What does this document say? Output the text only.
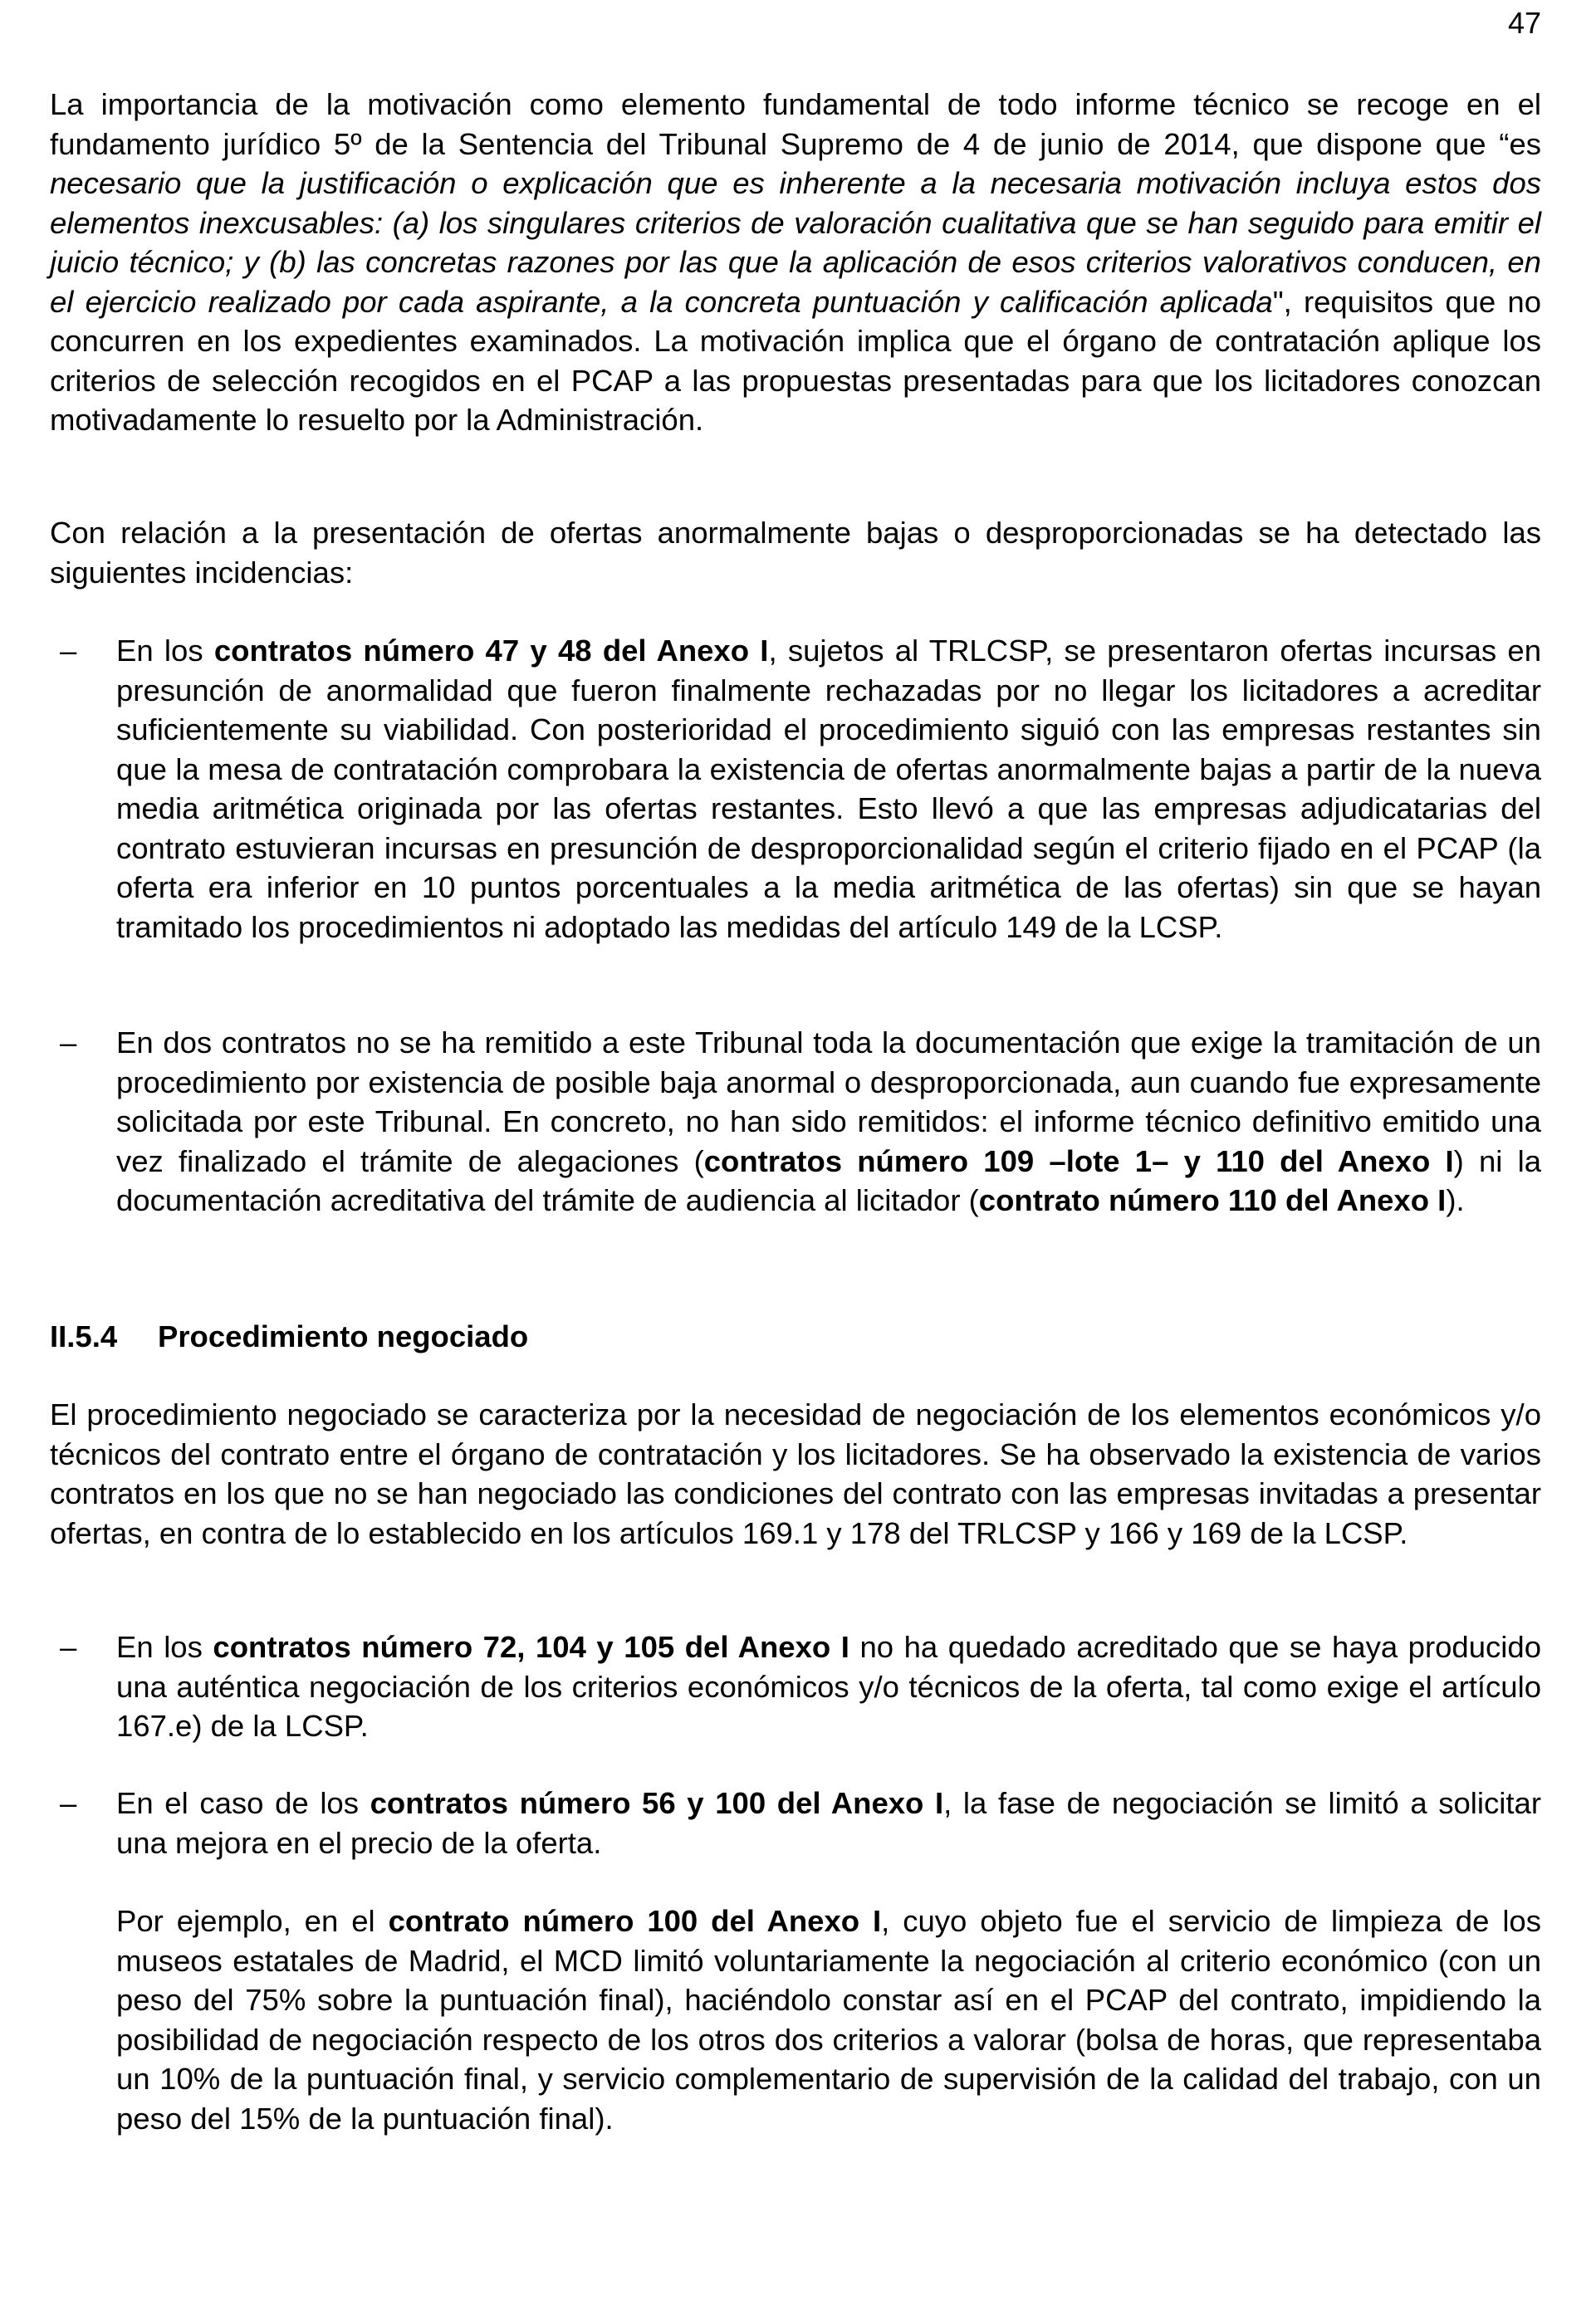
47

La importancia de la motivación como elemento fundamental de todo informe técnico se recoge en el fundamento jurídico 5º de la Sentencia del Tribunal Supremo de 4 de junio de 2014, que dispone que “es necesario que la justificación o explicación que es inherente a la necesaria motivación incluya estos dos elementos inexcusables: (a) los singulares criterios de valoración cualitativa que se han seguido para emitir el juicio técnico; y (b) las concretas razones por las que la aplicación de esos criterios valorativos conducen, en el ejercicio realizado por cada aspirante, a la concreta puntuación y calificación aplicada", requisitos que no concurren en los expedientes examinados. La motivación implica que el órgano de contratación aplique los criterios de selección recogidos en el PCAP a las propuestas presentadas para que los licitadores conozcan motivadamente lo resuelto por la Administración.

Con relación a la presentación de ofertas anormalmente bajas o desproporcionadas se ha detectado las siguientes incidencias:

– En los contratos número 47 y 48 del Anexo I, sujetos al TRLCSP, se presentaron ofertas incursas en presunción de anormalidad que fueron finalmente rechazadas por no llegar los licitadores a acreditar suficientemente su viabilidad. Con posterioridad el procedimiento siguió con las empresas restantes sin que la mesa de contratación comprobara la existencia de ofertas anormalmente bajas a partir de la nueva media aritmética originada por las ofertas restantes. Esto llevó a que las empresas adjudicatarias del contrato estuvieran incursas en presunción de desproporcionalidad según el criterio fijado en el PCAP (la oferta era inferior en 10 puntos porcentuales a la media aritmética de las ofertas) sin que se hayan tramitado los procedimientos ni adoptado las medidas del artículo 149 de la LCSP.

– En dos contratos no se ha remitido a este Tribunal toda la documentación que exige la tramitación de un procedimiento por existencia de posible baja anormal o desproporcionada, aun cuando fue expresamente solicitada por este Tribunal. En concreto, no han sido remitidos: el informe técnico definitivo emitido una vez finalizado el trámite de alegaciones (contratos número 109 –lote 1– y 110 del Anexo I) ni la documentación acreditativa del trámite de audiencia al licitador (contrato número 110 del Anexo I).

II.5.4 Procedimiento negociado

El procedimiento negociado se caracteriza por la necesidad de negociación de los elementos económicos y/o técnicos del contrato entre el órgano de contratación y los licitadores. Se ha observado la existencia de varios contratos en los que no se han negociado las condiciones del contrato con las empresas invitadas a presentar ofertas, en contra de lo establecido en los artículos 169.1 y 178 del TRLCSP y 166 y 169 de la LCSP.

– En los contratos número 72, 104 y 105 del Anexo I no ha quedado acreditado que se haya producido una auténtica negociación de los criterios económicos y/o técnicos de la oferta, tal como exige el artículo 167.e) de la LCSP.

– En el caso de los contratos número 56 y 100 del Anexo I, la fase de negociación se limitó a solicitar una mejora en el precio de la oferta.

Por ejemplo, en el contrato número 100 del Anexo I, cuyo objeto fue el servicio de limpieza de los museos estatales de Madrid, el MCD limitó voluntariamente la negociación al criterio económico (con un peso del 75% sobre la puntuación final), haciéndolo constar así en el PCAP del contrato, impidiendo la posibilidad de negociación respecto de los otros dos criterios a valorar (bolsa de horas, que representaba un 10% de la puntuación final, y servicio complementario de supervisión de la calidad del trabajo, con un peso del 15% de la puntuación final).
